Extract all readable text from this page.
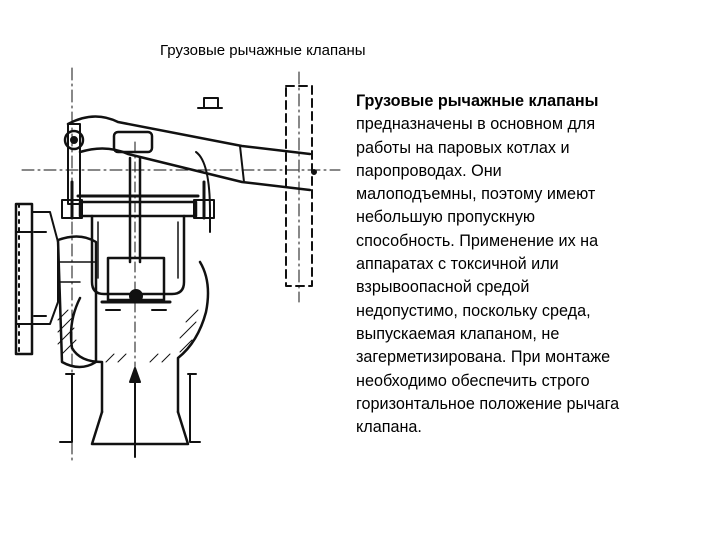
Грузовые рычажные клапаны
Грузовые рычажные клапаны
предназначены в основном для
работы на паровых котлах и
паропроводах. Они
малоподъемны, поэтому имеют
небольшую пропускную
способность. Применение их на
аппаратах с токсичной или
взрывоопасной средой
недопустимо, поскольку среда,
выпускаемая клапаном, не
загерметизирована. При монтаже
необходимо обеспечить строго
горизонтальное положение рычага
клапана.
